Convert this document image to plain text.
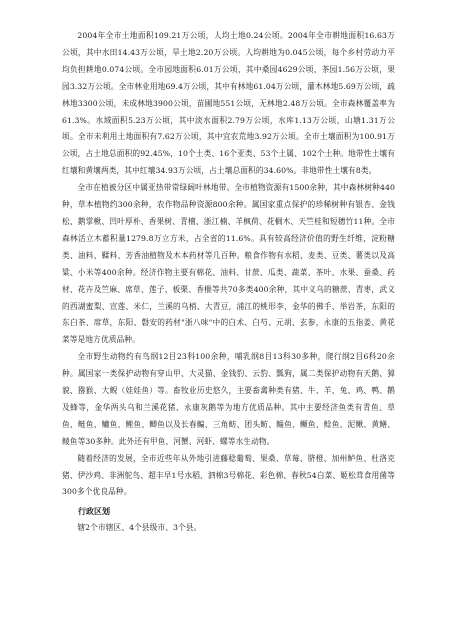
2004年全市土地面积109.21万公顷，人均土地0.24公顷。2004年全市耕地面积16.63万公顷，其中水田14.43万公顷，旱土地2.20万公顷。人均耕地为0.045公顷，每个乡村劳动力平均负担耕地0.074公顷。全市园地面积6.01万公顷，其中桑园4629公顷，茶园1.56万公顷，果园3.32万公顷。全市林业用地69.4万公顷，其中有林地61.04万公顷，灌木林地5.69万公顷，疏林地3300公顷，未成林地3900公顷，苗圃地551公顷，无林地2.48万公顷。全市森林覆盖率为61.3%。水域面积5.23万公顷，其中淡水面积2.79万公顷，水库1.13万公顷，山塘1.31万公顷。全市未利用土地面积有7.62万公顷，其中宜农荒地3.92万公顷。全市土壤面积为100.91万公顷，占土地总面积的92.45%，10个土类、16个亚类、53个土属、102个土种。地带性土壤有红壤和黄壤两类，其中红壤34.93万公顷，占土壤总面积的34.60%。非地带性土壤有8类。

全市在植被分区中属亚热带常绿阔叶林地带。全市植物资源有1500余种，其中森林树种440种，草本植物约300余种，农作物品种资源800余种。属国家重点保护的珍稀树种有银杏、金钱松、鹅掌楸、凹叶厚朴、香果树、青檀、浙江楠、羊枫荷、花榈木、天竺桂和短穗竹11种。全市森林活立木蓄积量1279.8万立方米，占全省的11.6%。具有较高经济价值的野生纤维，淀粉糖类、油料、鞣料、芳香油植物及木本药材等几百种。粮食作物有水稻、麦类、豆类、薯类以及高粱、小米等400余种。经济作物主要有棉花、油料、甘蔗、瓜类、蔬菜、茶叶、水果、蚕桑、药材、花卉及竺麻、席草、莲子、板栗、香榧等共70多类400余种，其中义乌的糖蔗、青枣，武义的西湖蜜梨、宣莲、米仁，兰溪的乌梢、大青豆，浦江的桃形李，金华的佛手、举岩茶，东阳的东白茶、席草，东阳、磐安的药材"浙八味"中的白术、白芍、元胡、玄参，永康的五指姜、黄花菜等是地方优质品种。

全市野生动物约有鸟纲12目23科100余种，哺乳纲8目13科30多种，爬行纲2目6科20余种。属国家一类保护动物有穿山甲、大灵猫、金钱豹、云豹、瓢狗，属二类保护动物有天鹅、獐貌、猕猴、大鲵（娃娃鱼）等。畜牧业历史悠久，主要畜禽种类有猪、牛、羊、兔、鸡、鸭、鹅及蜂等，金华两头乌和兰溪花猪、永康灰鹅等为地方优质品种。其中主要经济鱼类有青鱼、草鱼、鲢鱼、鳙鱼、鲤鱼、鲫鱼以及长春鳊、三角鲂、团头鲂、鲻鱼、鳜鱼、鲶鱼、泥鳅、黄鳝、鲮鱼等30多种。此外还有甲鱼、河蟹、河虾、螺等水生动物。

随着经济的发展，全市近些年从外地引进藤稔葡萄、果桑、草莓、脐橙、加州鲈鱼、杜洛克猪、伊沙鸡、非洲鸵鸟、超丰早1号水稻、泗棉3号棉花、彩色棉、春秋54白菜、姬松茸食用菌等300多个优良品种。

行政区划

辖2个市辖区、4个县级市、3个县。
